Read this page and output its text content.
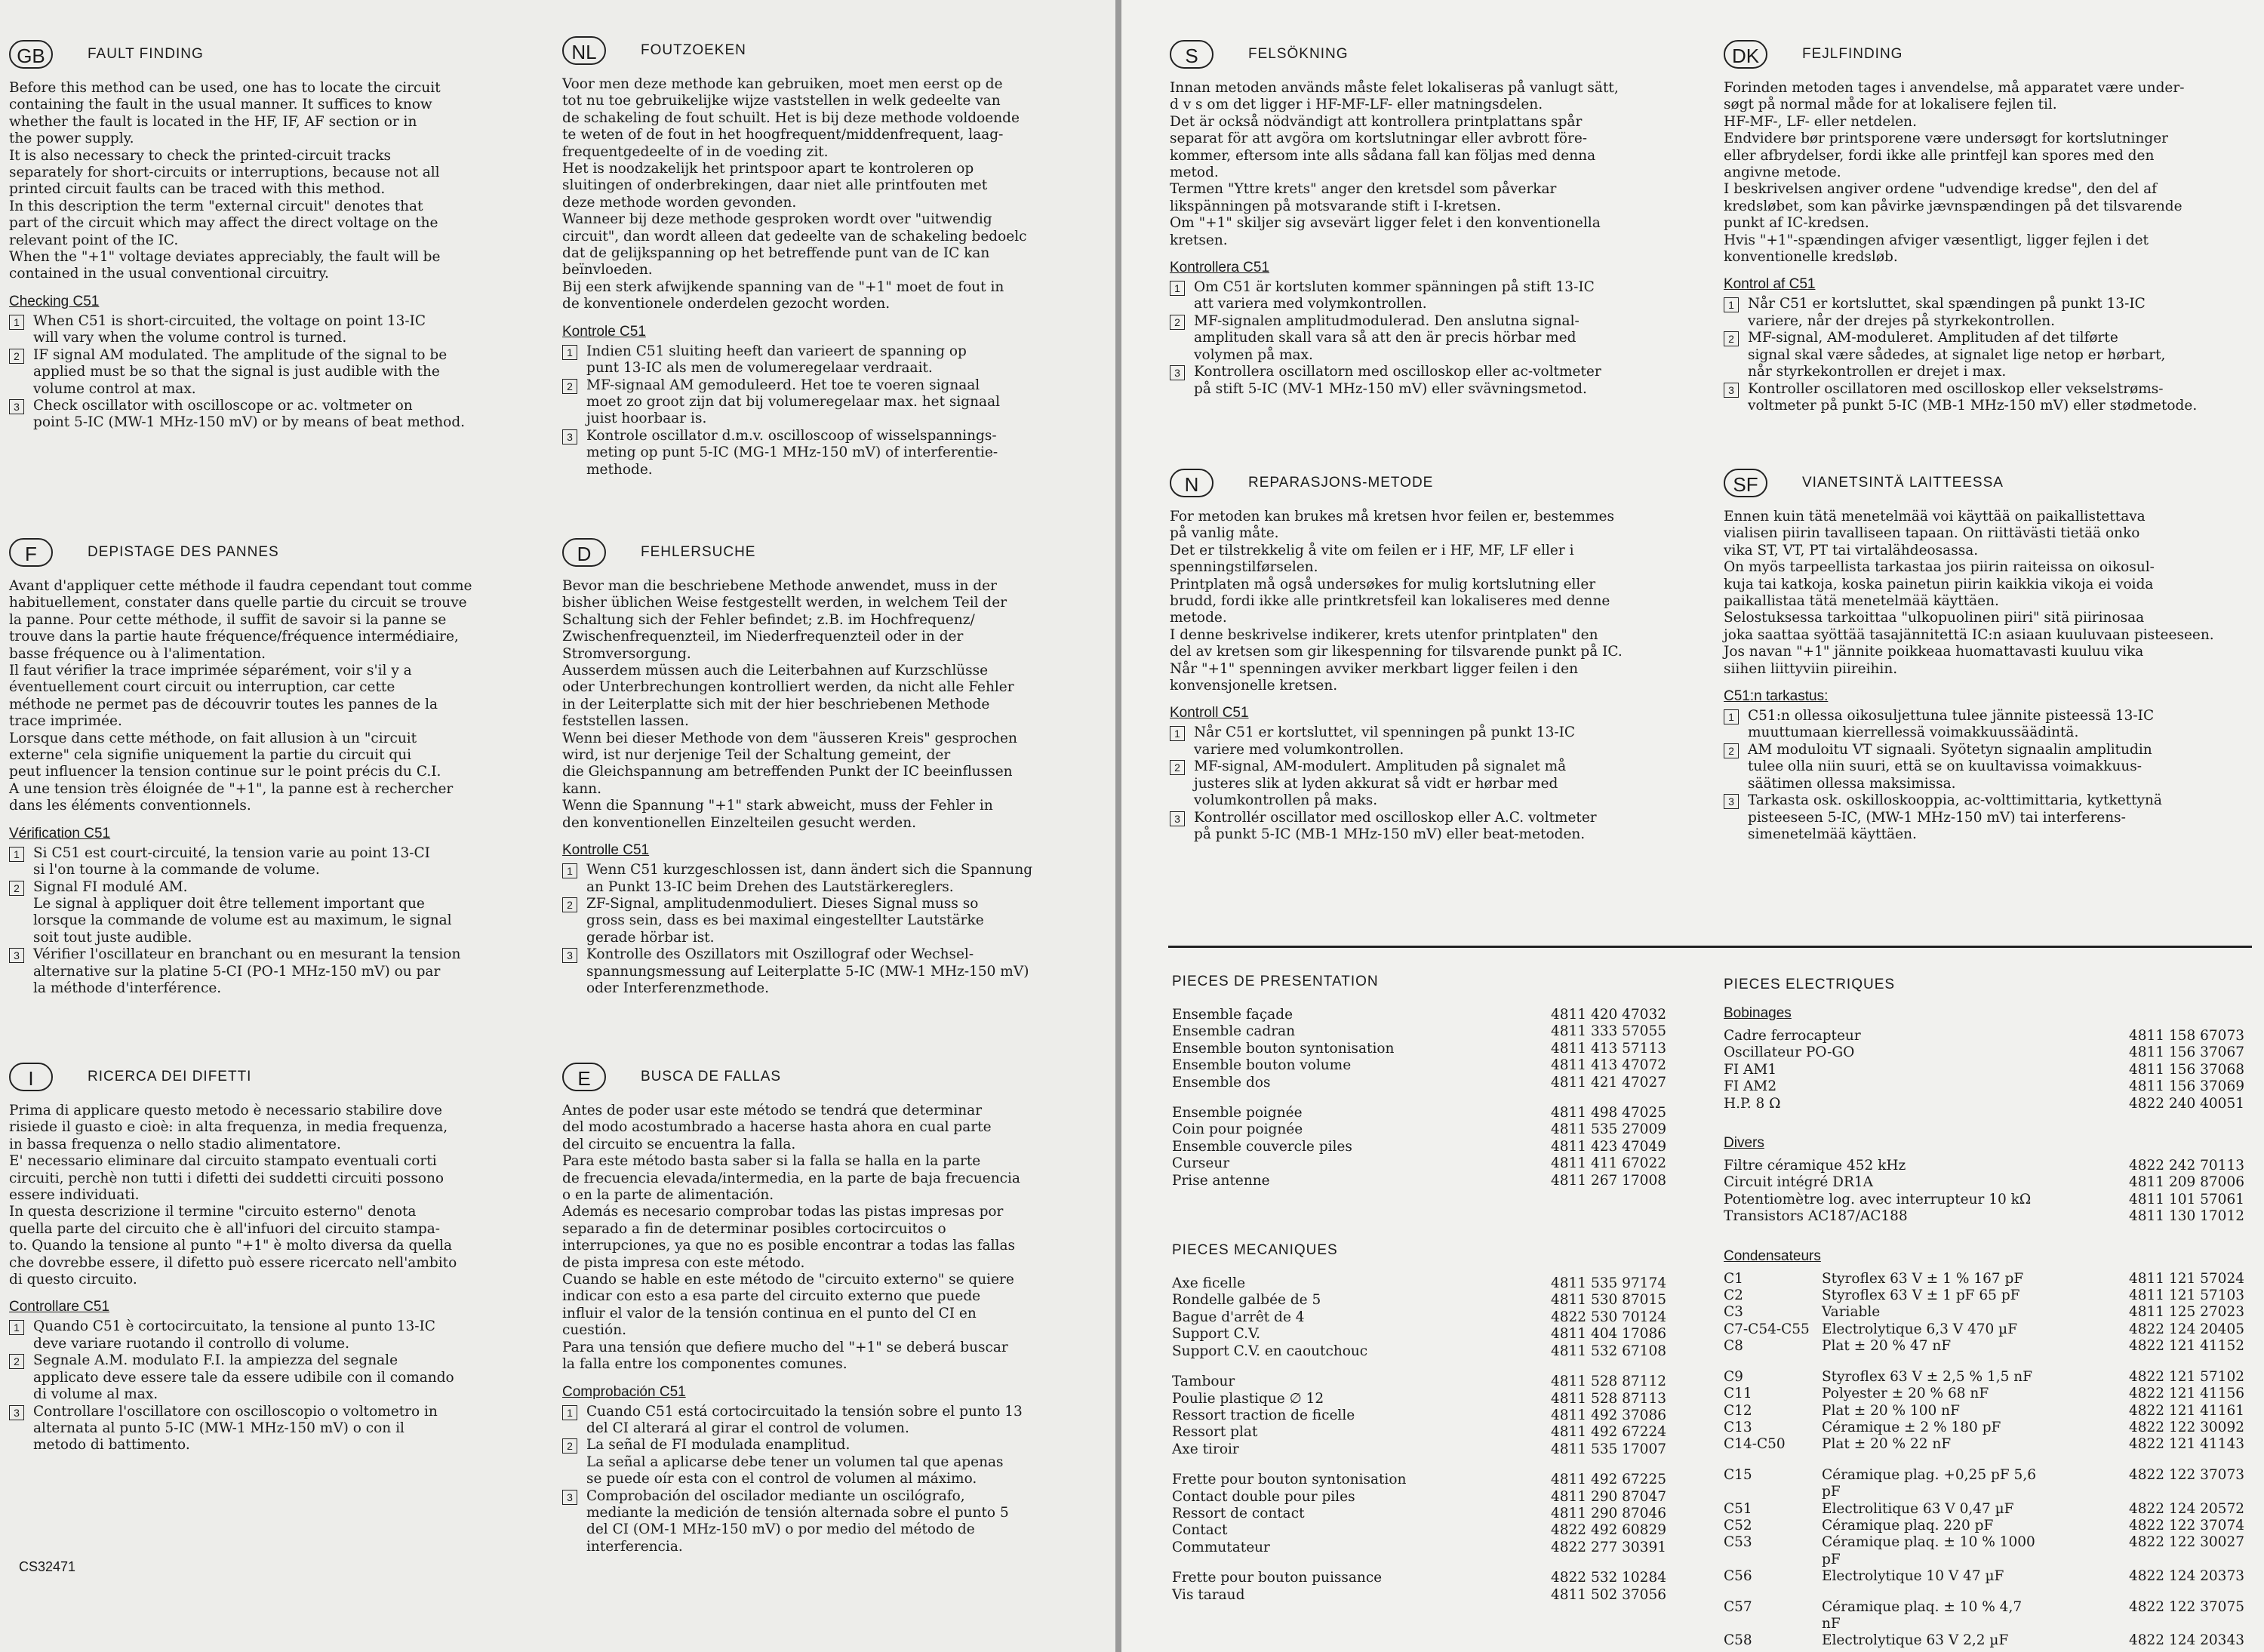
GB	FAULT FINDING
Before this method can be used, one has to locate the circuit
containing the fault in the usual manner. It suffices to know
whether the fault is located in the HF, IF, AF section or in
the power supply.
It is also necessary to check the printed-circuit tracks
separately for short-circuits or interruptions, because not all
printed circuit faults can be traced with this method.
In this description the term "external circuit" denotes that
part of the circuit which may affect the direct voltage on the
relevant point of the IC.
When the "+1" voltage deviates appreciably, the fault will be
contained in the usual conventional circuitry.
Checking C51
1 When C51 is short-circuited, the voltage on point 13-IC
will vary when the volume control is turned.
2 IF signal AM modulated. The amplitude of the signal to be
applied must be so that the signal is just audible with the
volume control at max.
3 Check oscillator with oscilloscope or ac. voltmeter on
point 5-IC (MW-1 MHz-150 mV) or by means of beat method.
F	DEPISTAGE DES PANNES
Avant d'appliquer cette méthode il faudra cependant tout comme
habituellement, constater dans quelle partie du circuit se trouve
la panne. Pour cette méthode, il suffit de savoir si la panne se
trouve dans la partie haute fréquence/fréquence intermédiaire,
basse fréquence ou à l'alimentation.
Il faut vérifier la trace imprimée séparément, voir s'il y a
éventuellement court circuit ou interruption, car cette
méthode ne permet pas de découvrir toutes les pannes de la
trace imprimée.
Lorsque dans cette méthode, on fait allusion à un "circuit
externe" cela signifie uniquement la partie du circuit qui
peut influencer la tension continue sur le point précis du C.I.
A une tension très éloignée de "+1", la panne est à rechercher
dans les éléments conventionnels.
Vérification C51
1 Si C51 est court-circuité, la tension varie au point 13-CI
si l'on tourne à la commande de volume.
2 Signal FI modulé AM.
Le signal à appliquer doit être tellement important que
lorsque la commande de volume est au maximum, le signal
soit tout juste audible.
3 Vérifier l'oscillateur en branchant ou en mesurant la tension
alternative sur la platine 5-CI (PO-1 MHz-150 mV) ou par
la méthode d'interférence.
I	RICERCA DEI DIFETTI
Prima di applicare questo metodo è necessario stabilire dove
risiede il guasto e cioè: in alta frequenza, in media frequenza,
in bassa frequenza o nello stadio alimentatore.
E' necessario eliminare dal circuito stampato eventuali corti
circuiti, perchè non tutti i difetti dei suddetti circuiti possono
essere individuati.
In questa descrizione il termine "circuito esterno" denota
quella parte del circuito che è all'infuori del circuito stampa-
to. Quando la tensione al punto "+1" è molto diversa da quella
che dovrebbe essere, il difetto può essere ricercato nell'ambito
di questo circuito.
Controllare C51
1 Quando C51 è cortocircuitato, la tensione al punto 13-IC
deve variare ruotando il controllo di volume.
2 Segnale A.M. modulato F.I. la ampiezza del segnale
applicato deve essere tale da essere udibile con il comando
di volume al max.
3 Controllare l'oscillatore con oscilloscopio o voltometro in
alternata al punto 5-IC (MW-1 MHz-150 mV) o con il
metodo di battimento.
NL	FOUTZOEKEN
Voor men deze methode kan gebruiken, moet men eerst op de
tot nu toe gebruikelijke wijze vaststellen in welk gedeelte van
de schakeling de fout schuilt. Het is bij deze methode voldoende
te weten of de fout in het hoogfrequent/middenfrequent, laag-
frequentgedeelte of in de voeding zit.
Het is noodzakelijk het printspoor apart te kontroleren op
sluitingen of onderbrekingen, daar niet alle printfouten met
deze methode worden gevonden.
Wanneer bij deze methode gesproken wordt over "uitwendig
circuit", dan wordt alleen dat gedeelte van de schakeling bedoelc
dat de gelijkspanning op het betreffende punt van de IC kan
beïnvloeden.
Bij een sterk afwijkende spanning van de "+1" moet de fout in
de konventionele onderdelen gezocht worden.
Kontrole C51
1 Indien C51 sluiting heeft dan varieert de spanning op
punt 13-IC als men de volumeregelaar verdraait.
2 MF-signaal AM gemoduleerd. Het toe te voeren signaal
moet zo groot zijn dat bij volumeregelaar max. het signaal
juist hoorbaar is.
3 Kontrole oscillator d.m.v. oscilloscoop of wisselspannings-
meting op punt 5-IC (MG-1 MHz-150 mV) of interferentie-
methode.
D	FEHLERSUCHE
Bevor man die beschriebene Methode anwendet, muss in der
bisher üblichen Weise festgestellt werden, in welchem Teil der
Schaltung sich der Fehler befindet; z.B. im Hochfrequenz/
Zwischenfrequenzteil, im Niederfrequenzteil oder in der
Stromversorgung.
Ausserdem müssen auch die Leiterbahnen auf Kurzschlüsse
oder Unterbrechungen kontrolliert werden, da nicht alle Fehler
in der Leiterplatte sich mit der hier beschriebenen Methode
feststellen lassen.
Wenn bei dieser Methode von dem "äusseren Kreis" gesprochen
wird, ist nur derjenige Teil der Schaltung gemeint, der
die Gleichspannung am betreffenden Punkt der IC beeinflussen
kann.
Wenn die Spannung "+1" stark abweicht, muss der Fehler in
den konventionellen Einzelteilen gesucht werden.
Kontrolle C51
1 Wenn C51 kurzgeschlossen ist, dann ändert sich die Spannung
an Punkt 13-IC beim Drehen des Lautstärkereglers.
2 ZF-Signal, amplitudenmoduliert. Dieses Signal muss so
gross sein, dass es bei maximal eingestellter Lautstärke
gerade hörbar ist.
3 Kontrolle des Oszillators mit Oszillograf oder Wechsel-
spannungsmessung auf Leiterplatte 5-IC (MW-1 MHz-150 mV)
oder Interferenzmethode.
E	BUSCA DE FALLAS
Antes de poder usar este método se tendrá que determinar
del modo acostumbrado a hacerse hasta ahora en cual parte
del circuito se encuentra la falla.
Para este método basta saber si la falla se halla en la parte
de frecuencia elevada/intermedia, en la parte de baja frecuencia
o en la parte de alimentación.
Además es necesario comprobar todas las pistas impresas por
separado a fin de determinar posibles cortocircuitos o
interrupciones, ya que no es posible encontrar a todas las fallas
de pista impresa con este método.
Cuando se hable en este método de "circuito externo" se quiere
indicar con esto a esa parte del circuito externo que puede
influir el valor de la tensión continua en el punto del CI en
cuestión.
Para una tensión que defiere mucho del "+1" se deberá buscar
la falla entre los componentes comunes.
Comprobación C51
1 Cuando C51 está cortocircuitado la tensión sobre el punto 13
del CI alterará al girar el control de volumen.
2 La señal de FI modulada enamplitud.
La señal a aplicarse debe tener un volumen tal que apenas
se puede oír esta con el control de volumen al máximo.
3 Comprobación del oscilador mediante un oscilógrafo,
mediante la medición de tensión alternada sobre el punto 5
del CI (OM-1 MHz-150 mV) o por medio del método de
interferencia.
S	FELSÖKNING
Innan metoden används måste felet lokaliseras på vanlugt sätt,
d v s om det ligger i HF-MF-LF- eller matningsdelen.
Det är också nödvändigt att kontrollera printplattans spår
separat för att avgöra om kortslutningar eller avbrott före-
kommer, eftersom inte alls sådana fall kan följas med denna
metod.
Termen "Yttre krets" anger den kretsdel som påverkar
likspänningen på motsvarande stift i I-kretsen.
Om "+1" skiljer sig avsevärt ligger felet i den konventionella
kretsen.
Kontrollera C51
1 Om C51 är kortsluten kommer spänningen på stift 13-IC
att variera med volymkontrollen.
2 MF-signalen amplitudmodulerad. Den anslutna signal-
amplituden skall vara så att den är precis hörbar med
volymen på max.
3 Kontrollera oscillatorn med oscilloskop eller ac-voltmeter
på stift 5-IC (MV-1 MHz-150 mV) eller svävningsmetod.
N	REPARASJONS-METODE
For metoden kan brukes må kretsen hvor feilen er, bestemmes
på vanlig måte.
Det er tilstrekkelig å vite om feilen er i HF, MF, LF eller i
spenningstilførselen.
Printplaten må også undersøkes for mulig kortslutning eller
brudd, fordi ikke alle printkretsfeil kan lokaliseres med denne
metode.
I denne beskrivelse indikerer, krets utenfor printplaten" den
del av kretsen som gir likespenning for tilsvarende punkt på IC.
Når "+1" spenningen avviker merkbart ligger feilen i den
konvensjonelle kretsen.
Kontroll C51
1 Når C51 er kortsluttet, vil spenningen på punkt 13-IC
variere med volumkontrollen.
2 MF-signal, AM-modulert. Amplituden på signalet må
justeres slik at lyden akkurat så vidt er hørbar med
volumkontrollen på maks.
3 Kontrollér oscillator med oscilloskop eller A.C. voltmeter
på punkt 5-IC (MB-1 MHz-150 mV) eller beat-metoden.
DK	FEJLFINDING
Forinden metoden tages i anvendelse, må apparatet være under-
søgt på normal måde for at lokalisere fejlen til.
HF-MF-, LF- eller netdelen.
Endvidere bør printsporene være undersøgt for kortslutninger
eller afbrydelser, fordi ikke alle printfejl kan spores med den
angivne metode.
I beskrivelsen angiver ordene "udvendige kredse", den del af
kredsløbet, som kan påvirke jævnspændingen på det tilsvarende
punkt af IC-kredsen.
Hvis "+1"-spændingen afviger væsentligt, ligger fejlen i det
konventionelle kredsløb.
Kontrol af C51
1 Når C51 er kortsluttet, skal spændingen på punkt 13-IC
variere, når der drejes på styrkekontrollen.
2 MF-signal, AM-moduleret. Amplituden af det tilførte
signal skal være sådedes, at signalet lige netop er hørbart,
når styrkekontrollen er drejet i max.
3 Kontroller oscillatoren med oscilloskop eller vekselstrøms-
voltmeter på punkt 5-IC (MB-1 MHz-150 mV) eller stødmetode.
SF	VIANETSINTÄ LAITTEESSA
Ennen kuin tätä menetelmää voi käyttää on paikallistettava
vialisen piirin tavalliseen tapaan. On riittävästi tietää onko
vika ST, VT, PT tai virtalähdeosassa.
On myös tarpeellista tarkastaa jos piirin raiteissa on oikosul-
kuja tai katkoja, koska painetun piirin kaikkia vikoja ei voida
paikallistaa tätä menetelmää käyttäen.
Selostuksessa tarkoittaa "ulkopuolinen piiri" sitä piirinosaa
joka saattaa syöttää tasajännitettä IC:n asiaan kuuluvaan pisteeseen.
Jos navan "+1" jännite poikkeaa huomattavasti kuuluu vika
siihen liittyviin piireihin.
C51:n tarkastus:
1 C51:n ollessa oikosuljettuna tulee jännite pisteessä 13-IC
muuttumaan kierrellessä voimakkuussäädintä.
2 AM moduloitu VT signaali. Syötetyn signaalin amplitudin
tulee olla niin suuri, että se on kuultavissa voimakkuus-
säätimen ollessa maksimissa.
3 Tarkasta osk. oskilloskooppia, ac-volttimittaria, kytkettynä
pisteeseen 5-IC, (MW-1 MHz-150 mV) tai interferens-
simenetelmää käyttäen.
CS32471
PIECES DE PRESENTATION
Ensemble façade	4811 420 47032
Ensemble cadran	4811 333 57055
Ensemble bouton syntonisation	4811 413 57113
Ensemble bouton volume	4811 413 47072
Ensemble dos	4811 421 47027
Ensemble poignée	4811 498 47025
Coin pour poignée	4811 535 27009
Ensemble couvercle piles	4811 423 47049
Curseur	4811 411 67022
Prise antenne	4811 267 17008
PIECES MECANIQUES
Axe ficelle	4811 535 97174
Rondelle galbée de 5	4811 530 87015
Bague d'arrêt de 4	4822 530 70124
Support C.V.	4811 404 17086
Support C.V. en caoutchouc	4811 532 67108
Tambour	4811 528 87112
Poulie plastique ∅ 12	4811 528 87113
Ressort traction de ficelle	4811 492 37086
Ressort plat	4811 492 67224
Axe tiroir	4811 535 17007
Frette pour bouton syntonisation	4811 492 67225
Contact double pour piles	4811 290 87047
Ressort de contact	4811 290 87046
Contact	4822 492 60829
Commutateur	4822 277 30391
Frette pour bouton puissance	4822 532 10284
Vis taraud	4811 502 37056
PIECES ELECTRIQUES
Bobinages
Cadre ferrocapteur	4811 158 67073
Oscillateur PO-GO	4811 156 37067
FI AM1	4811 156 37068
FI AM2	4811 156 37069
H.P. 8 Ω	4822 240 40051
Divers
Filtre céramique 452 kHz	4822 242 70113
Circuit intégré DR1A	4811 209 87006
Potentiomètre log. avec interrupteur 10 kΩ	4811 101 57061
Transistors AC187/AC188	4811 130 17012
Condensateurs
C1	Styroflex 63 V ± 1 % 167 pF	4811 121 57024
C2	Styroflex 63 V ± 1 pF 65 pF	4811 121 57103
C3	Variable	4811 125 27023
C7-C54-C55 Electrolytique 6,3 V 470 µF	4822 124 20405
C8	Plat ± 20 % 47 nF	4822 121 41152
C9	Styroflex 63 V ± 2,5 % 1,5 nF	4822 121 57102
C11	Polyester ± 20 % 68 nF	4822 121 41156
C12	Plat ± 20 % 100 nF	4822 121 41161
C13	Céramique ± 2 % 180 pF	4822 122 30092
C14-C50	Plat ± 20 % 22 nF	4822 121 41143
C15	Céramique plag. +0,25 pF 5,6 pF
4822 122 37073
C51	Electrolitique 63 V 0,47 µF	4822 124 20572
C52	Céramique plaq. 220 pF	4822 122 37074
C53	Céramique plaq. ± 10 % 1000 pF
4822 122 30027
C56	Electrolytique 10 V 47 µF	4822 124 20373
C57	Céramique plaq. ± 10 % 4,7 nF
4822 122 37075
C58	Electrolytique 63 V 2,2 µF	4822 124 20343
